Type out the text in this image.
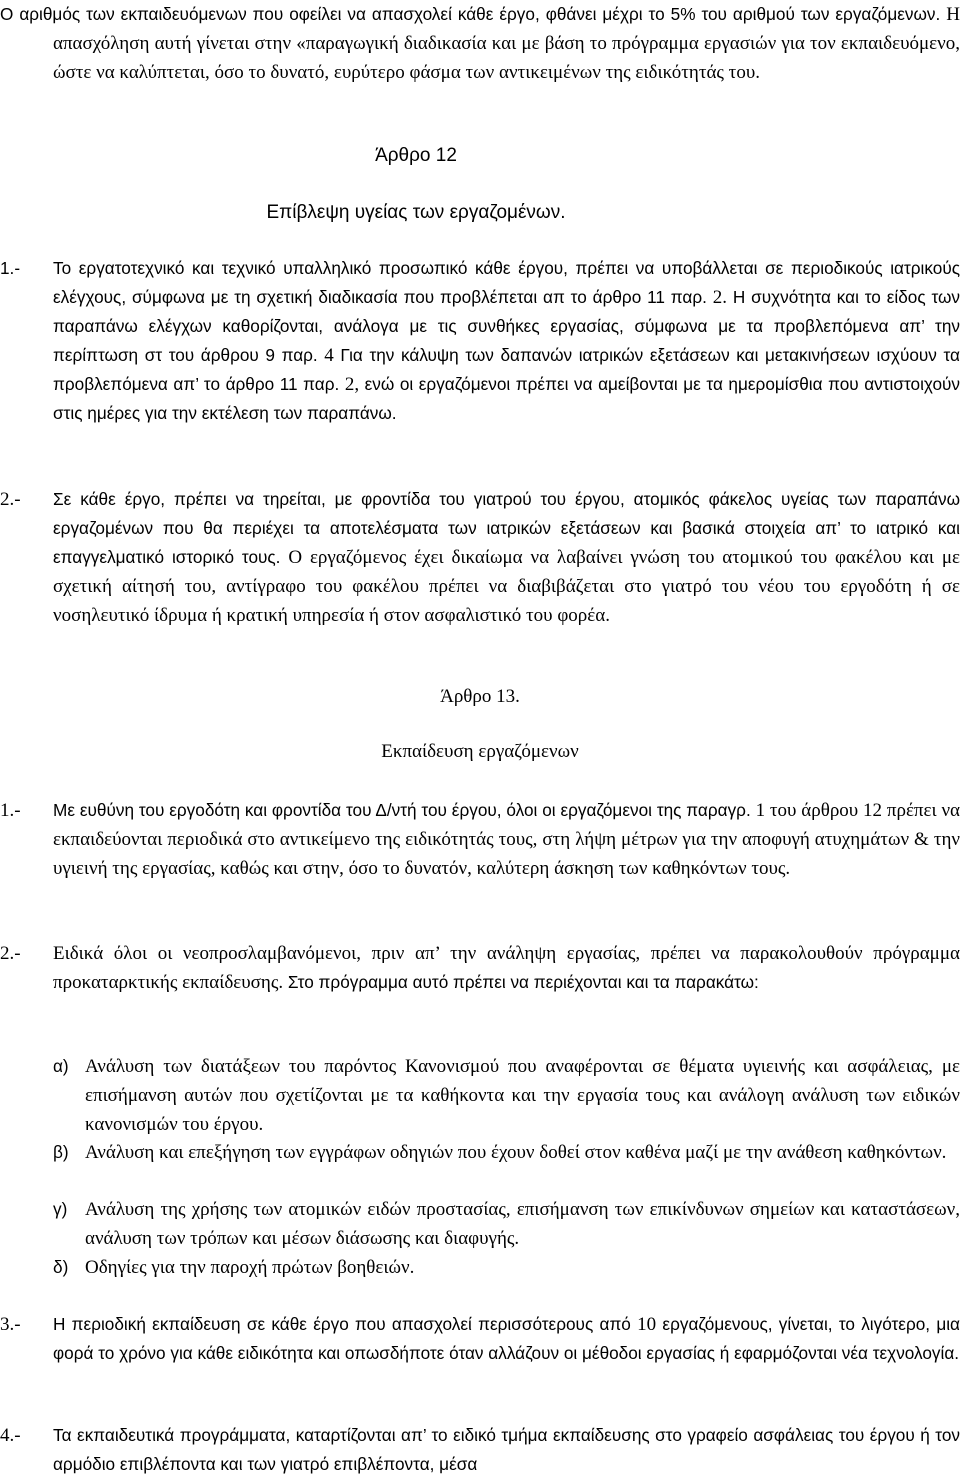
Ο αριθμός των εκπαιδευόμενων που οφείλει να απασχολεί κάθε έργο, φθάνει μέχρι το 5% του αριθμού των εργαζόμενων. Η απασχόληση αυτή γίνεται στην «παραγωγική διαδικασία και με βάση το πρόγραμμα εργασιών για τον εκπαιδευόμενο, ώστε να καλύπτεται, όσο το δυνατό, ευρύτερο φάσμα των αντικειμένων της ειδικότητάς του.

Άρθρο 12

Επίβλεψη υγείας των εργαζομένων.

1.- Το εργατοτεχνικό και τεχνικό υπαλληλικό προσωπικό κάθε έργου, πρέπει να υποβάλλεται σε περιοδικούς ιατρικούς ελέγχους, σύμφωνα με τη σχετική διαδικασία που προβλέπεται απ το άρθρο 11 παρ. 2. Η συχνότητα και το είδος των παραπάνω ελέγχων καθορίζονται, ανάλογα με τις συνθήκες εργασίας, σύμφωνα με τα προβλεπόμενα απ’ την περίπτωση στ του άρθρου 9 παρ. 4 Για την κάλυψη των δαπανών ιατρικών εξετάσεων και μετακινήσεων ισχύουν τα προβλεπόμενα απ’ το άρθρο 11 παρ. 2, ενώ οι εργαζόμενοι πρέπει να αμείβονται με τα ημερομίσθια που αντιστοιχούν στις ημέρες για την εκτέλεση των παραπάνω.

2.- Σε κάθε έργο, πρέπει να τηρείται, με φροντίδα του γιατρού του έργου, ατομικός φάκελος υγείας των παραπάνω εργαζομένων που θα περιέχει τα αποτελέσματα των ιατρικών εξετάσεων και βασικά στοιχεία απ’ το ιατρικό και επαγγελματικό ιστορικό τους. Ο εργαζόμενος έχει δικαίωμα να λαβαίνει γνώση του ατομικού του φακέλου και με σχετική αίτησή του, αντίγραφο του φακέλου πρέπει να διαβιβάζεται στο γιατρό του νέου του εργοδότη ή σε νοσηλευτικό ίδρυμα ή κρατική υπηρεσία ή στον ασφαλιστικό του φορέα.

Άρθρο 13.

Εκπαίδευση εργαζόμενων

1.- Με ευθύνη του εργοδότη και φροντίδα του Δ/ντή του έργου, όλοι οι εργαζόμενοι της παραγρ. 1 του άρθρου 12 πρέπει να εκπαιδεύονται περιοδικά στο αντικείμενο της ειδικότητάς τους, στη λήψη μέτρων για την αποφυγή ατυχημάτων & την υγιεινή της εργασίας, καθώς και στην, όσο το δυνατόν, καλύτερη άσκηση των καθηκόντων τους.

2.- Ειδικά όλοι οι νεοπροσλαμβανόμενοι, πριν απ’ την ανάληψη εργασίας, πρέπει να παρακολουθούν πρόγραμμα προκαταρκτικής εκπαίδευσης. Στο πρόγραμμα αυτό πρέπει να περιέχονται και τα παρακάτω:

α) Ανάλυση των διατάξεων του παρόντος Κανονισμού που αναφέρονται σε θέματα υγιεινής και ασφάλειας, με επισήμανση αυτών που σχετίζονται με τα καθήκοντα και την εργασία τους και ανάλογη ανάλυση των ειδικών κανονισμών του έργου.

β) Ανάλυση και επεξήγηση των εγγράφων οδηγιών που έχουν δοθεί στον καθένα μαζί με την ανάθεση καθηκόντων.

γ) Ανάλυση της χρήσης των ατομικών ειδών προστασίας, επισήμανση των επικίνδυνων σημείων και καταστάσεων, ανάλυση των τρόπων και μέσων διάσωσης και διαφυγής.

δ) Οδηγίες για την παροχή πρώτων βοηθειών.

3.- Η περιοδική εκπαίδευση σε κάθε έργο που απασχολεί περισσότερους από 10 εργαζόμενους, γίνεται, το λιγότερο, μια φορά το χρόνο για κάθε ειδικότητα και οπωσδήποτε όταν αλλάζουν οι μέθοδοι εργασίας ή εφαρμόζονται νέα τεχνολογία.

4.- Τα εκπαιδευτικά προγράμματα, καταρτίζονται απ’ το ειδικό τμήμα εκπαίδευσης στο γραφείο ασφάλειας του έργου ή τον αρμόδιο επιβλέποντα και των γιατρό επιβλέποντα, μέσα
